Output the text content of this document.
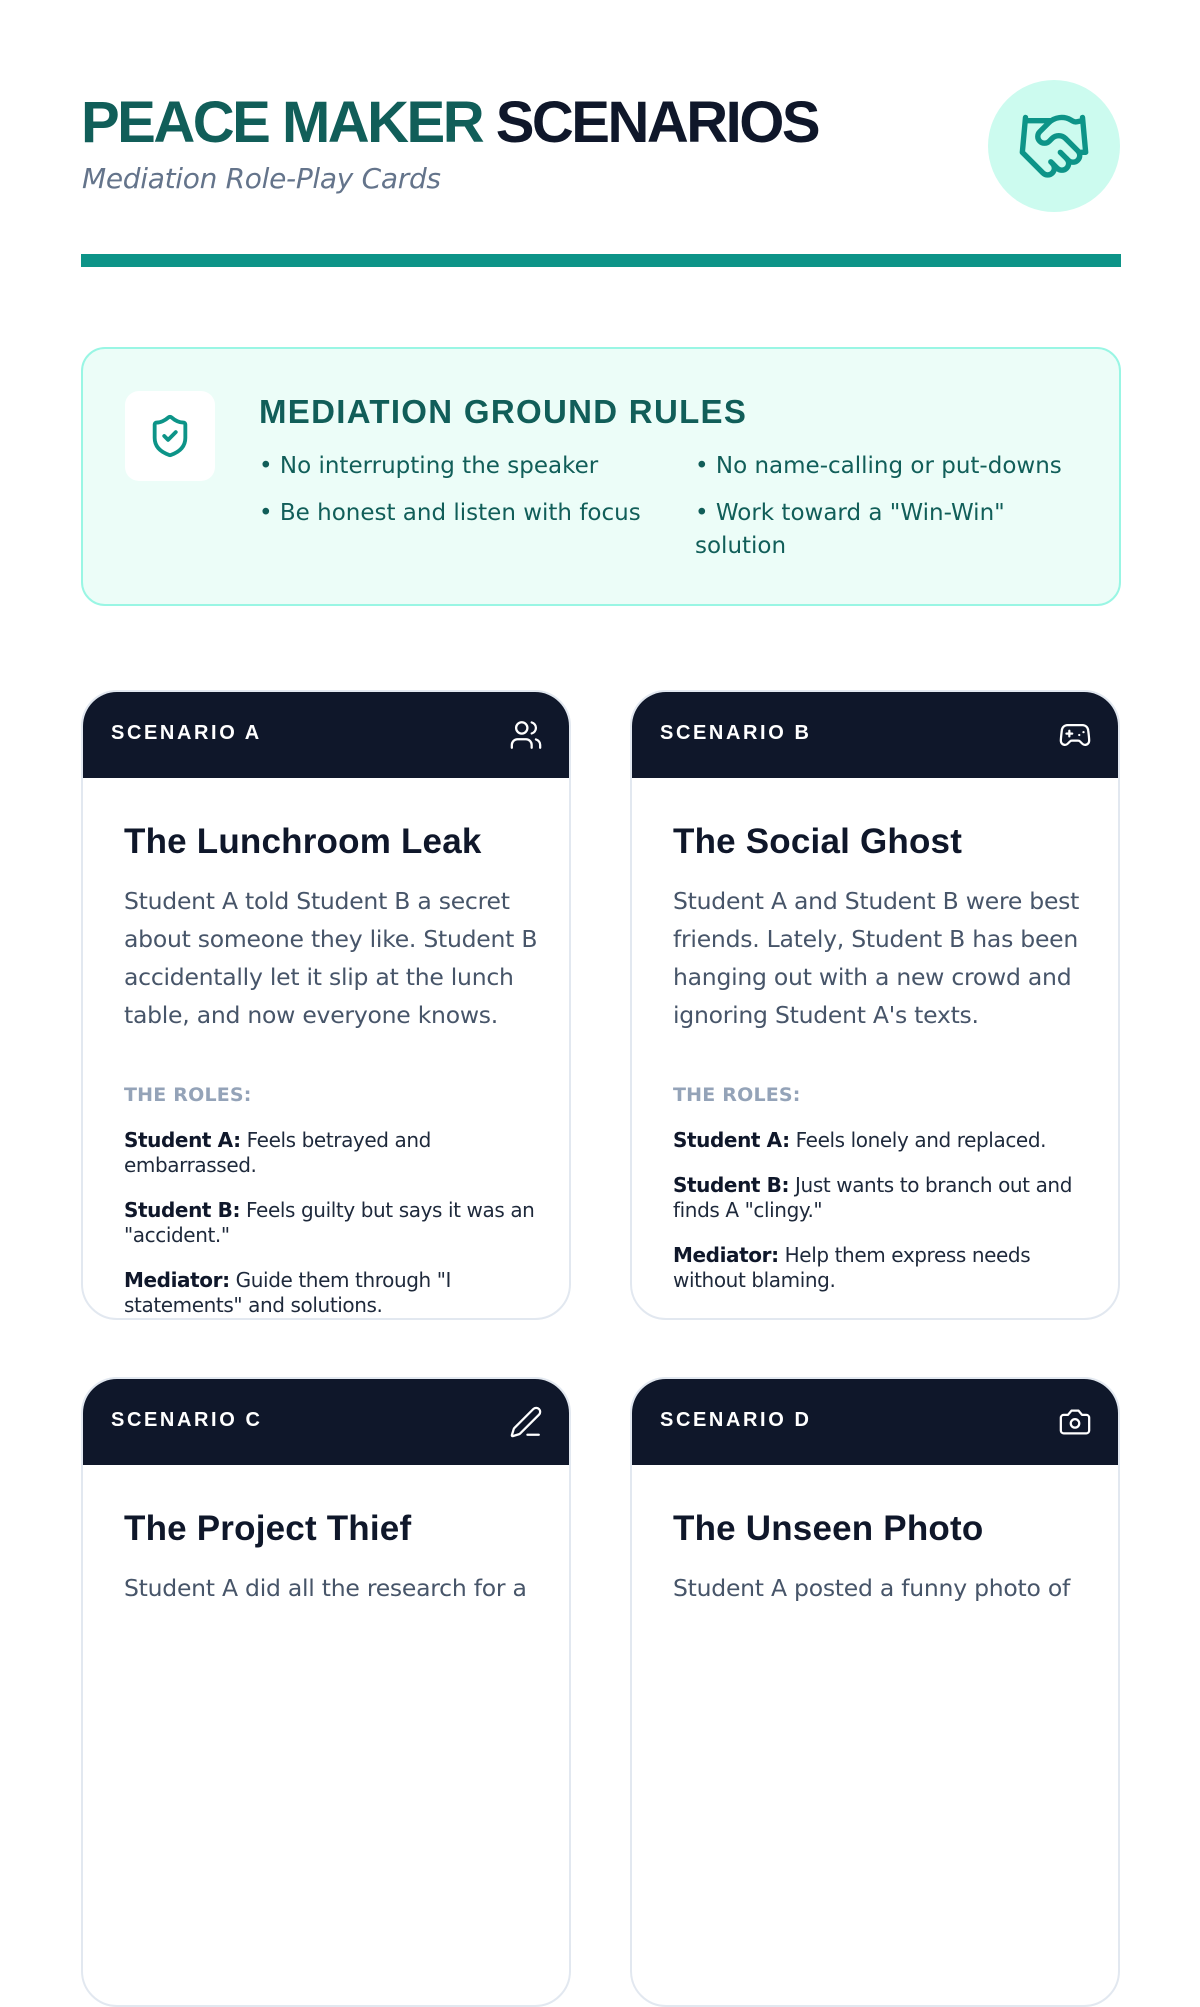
PEACE MAKER SCENARIOS
Mediation Role-Play Cards
MEDIATION GROUND RULES

• No interrupting the speaker	• No name-calling or put-downs

• Be honest and listen with focus	• Work toward a "Win-Win" solution

SCENARIO A
The Lunchroom Leak

Student A told Student B a secret about someone they like. Student B accidentally let it slip at the lunch table, and now everyone knows.

THE ROLES:

Student A: Feels betrayed and embarrassed.

Student B: Feels guilty but says it was an "accident."

Mediator: Guide them through "I statements" and solutions.

SCENARIO B
The Social Ghost

Student A and Student B were best friends. Lately, Student B has been hanging out with a new crowd and ignoring Student A's texts.

THE ROLES:

Student A: Feels lonely and replaced.

Student B: Just wants to branch out and finds A "clingy."

Mediator: Help them express needs without blaming.

SCENARIO C
The Project Thief

Student A did all the research for a

SCENARIO D
The Unseen Photo

Student A posted a funny photo of
